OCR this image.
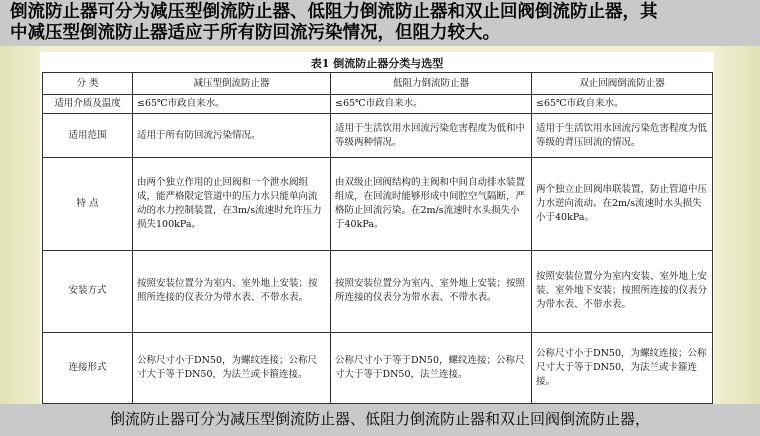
倒流防止器可分为减压型倒流防止器、低阻力倒流防止器和双止回阀倒流防止器，其
中减压型倒流防止器适应于所有防回流污染情况，但阻力较大。
表1 倒流防止器分类与选型
分 类	减压型倒流防止器	低阻力倒流防止器	双止回阀倒流防止器
适用介质及温度	≤65℃市政自来水。	≤65℃市政自来水。	≤65℃市政自来水。
适用范围	适用于所有防回流污染情况。	适用于生活饮用水回流污染危害程度为低和中等级两种情况。	适用于生活饮用水回流污染危害程度为低等级的背压回流的情况。
特 点	由两个独立作用的止回阀和一个泄水阀组成，能严格限定管道中的压力水只能单向流动的水力控制装置，在3m/s流速时允许压力损失100kPa。	由双级止回阀结构的主阀和中间自动排水装置组成，在回流时能够形成中间腔空气隔断，严格防止回流污染。在2m/s流速时水头损失小于40kPa。	两个独立止回阀串联装置，防止管道中压力水逆向流动。在2m/s流速时水头损失小于40kPa。
安装方式	按照安装位置分为室内、室外地上安装；按照所连接的仪表分为带水表、不带水表。	按照安装位置分为室内、室外地上安装；按照所连接的仪表分为带水表、不带水表。	按照安装位置分为室内安装、室外地上安装、室外地下安装；按照所连接的仪表分为带水表、不带水表。
连接形式	公称尺寸小于DN50，为螺纹连接；公称尺寸大于等于DN50，为法兰或卡箍连接。	公称尺寸小于等于DN50，螺纹连接；公称尺寸大于等于DN50，法兰连接。	公称尺寸小于DN50，为螺纹连接；公称尺寸大于等于DN50，为法兰或卡箍连接。
倒流防止器可分为减压型倒流防止器、低阻力倒流防止器和双止回阀倒流防止器，
